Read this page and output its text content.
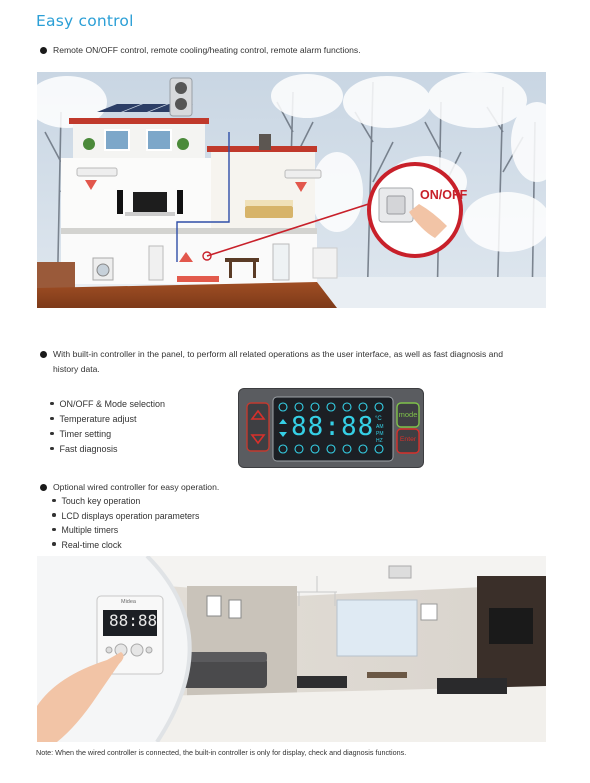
Easy control
Remote ON/OFF control, remote cooling/heating control, remote alarm functions.
ON/OFF
With built-in controller in the panel, to perform all related operations as the user interface, as well as fast diagnosis and
history data.
ON/OFF & Mode selection
Temperature adjust
Timer setting
Fast diagnosis
88:88 °C
AM
PM
HZ
mode
Enter
Optional wired controller for easy operation.
Touch key operation
LCD displays operation parameters
Multiple timers
Real-time clock
Midea
88:88
Note: When the wired controller is connected, the built-in controller is only for display, check and diagnosis functions.
